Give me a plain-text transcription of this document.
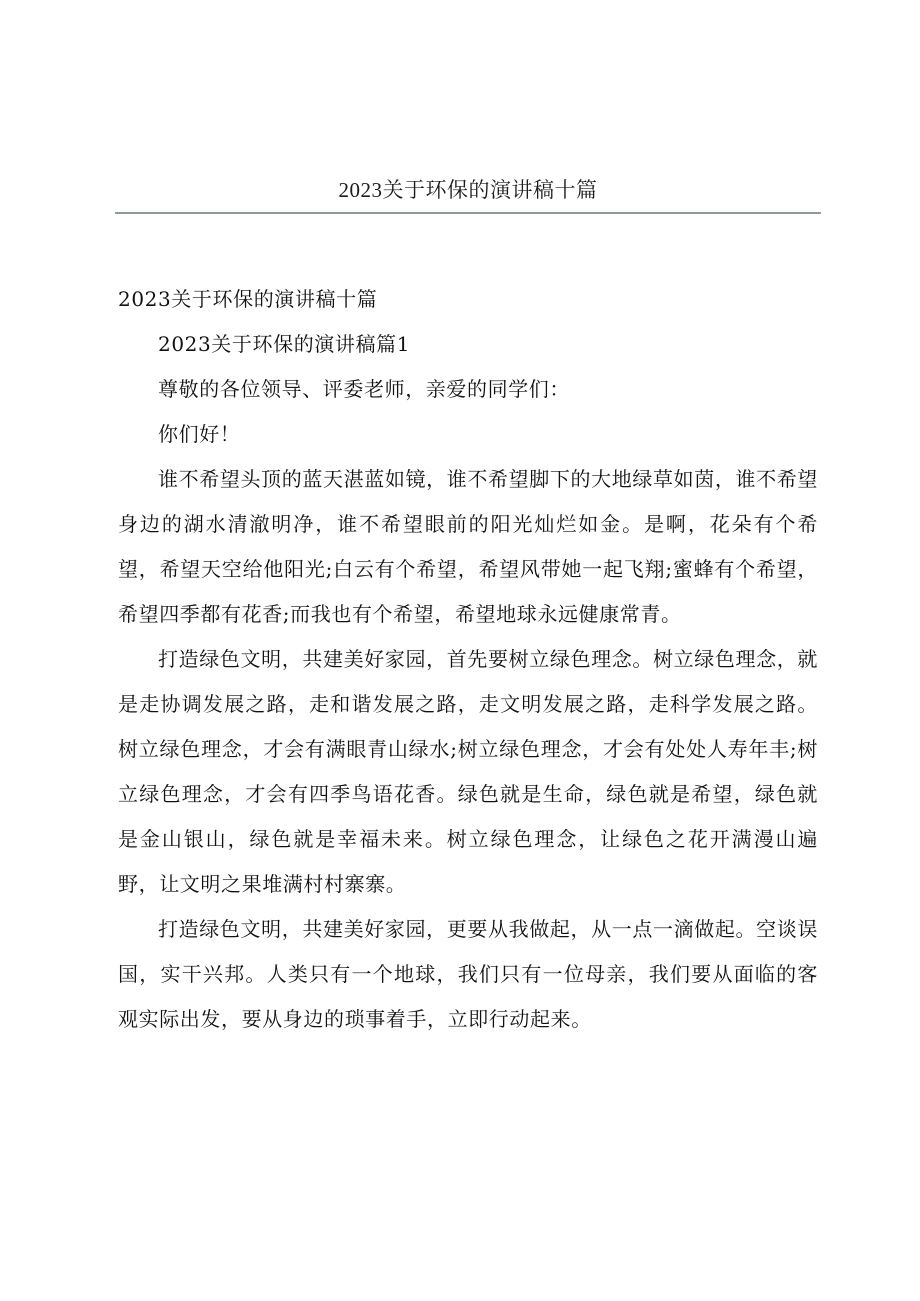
2023关于环保的演讲稿十篇
2023关于环保的演讲稿十篇
2023关于环保的演讲稿篇1
尊敬的各位领导、评委老师，亲爱的同学们：
你们好！

谁不希望头顶的蓝天湛蓝如镜，谁不希望脚下的大地绿草如茵，谁不希望身边的湖水清澈明净，谁不希望眼前的阳光灿烂如金。是啊，花朵有个希望，希望天空给他阳光;白云有个希望，希望风带她一起飞翔;蜜蜂有个希望，希望四季都有花香;而我也有个希望，希望地球永远健康常青。

打造绿色文明，共建美好家园，首先要树立绿色理念。树立绿色理念，就是走协调发展之路，走和谐发展之路，走文明发展之路，走科学发展之路。树立绿色理念，才会有满眼青山绿水;树立绿色理念，才会有处处人寿年丰;树立绿色理念，才会有四季鸟语花香。绿色就是生命，绿色就是希望，绿色就是金山银山，绿色就是幸福未来。树立绿色理念，让绿色之花开满漫山遍野，让文明之果堆满村村寨寨。

打造绿色文明，共建美好家园，更要从我做起，从一点一滴做起。空谈误国，实干兴邦。人类只有一个地球，我们只有一位母亲，我们要从面临的客观实际出发，要从身边的琐事着手，立即行动起来。
